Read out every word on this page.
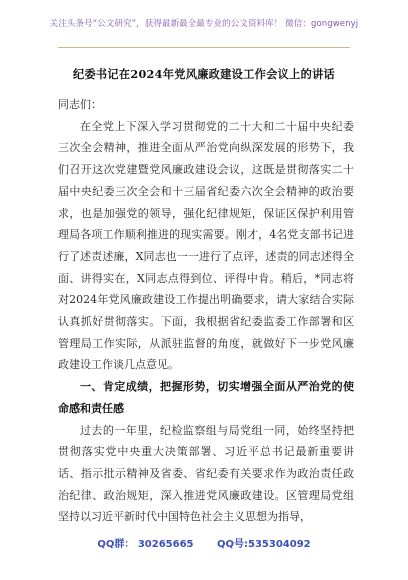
关注头条号“公文研究”，获得最新最全最专业的公文资料库！ 微信：gongwenyj
纪委书记在2024年党风廉政建设工作会议上的讲话

同志们：

在全党上下深入学习贯彻党的二十大和二十届中央纪委三次全会精神，推进全面从严治党向纵深发展的形势下，我们召开这次党建暨党风廉政建设会议，这既是贯彻落实二十届中央纪委三次全会和十三届省纪委六次全会精神的政治要求，也是加强党的领导，强化纪律规矩，保证区保护利用管理局各项工作顺利推进的现实需要。刚才，4名党支部书记进行了述责述廉，X同志也一一进行了点评，述责的同志述得全面、讲得实在，X同志点得到位、评得中肯。稍后，*同志将对2024年党风廉政建设工作提出明确要求，请大家结合实际认真抓好贯彻落实。下面，我根据省纪委监委工作部署和区管理局工作实际，从派驻监督的角度，就做好下一步党风廉政建设工作谈几点意见。

一、肯定成绩，把握形势，切实增强全面从严治党的使命感和责任感

过去的一年里，纪检监察组与局党组一同，始终坚持把贯彻落实党中央重大决策部署、习近平总书记最新重要讲话、指示批示精神及省委、省纪委有关要求作为政治责任政治纪律、政治规矩，深入推进党风廉政建设。区管理局党组坚持以习近平新时代中国特色社会主义思想为指导，

QQ群： 30265665 QQ号:535304092
